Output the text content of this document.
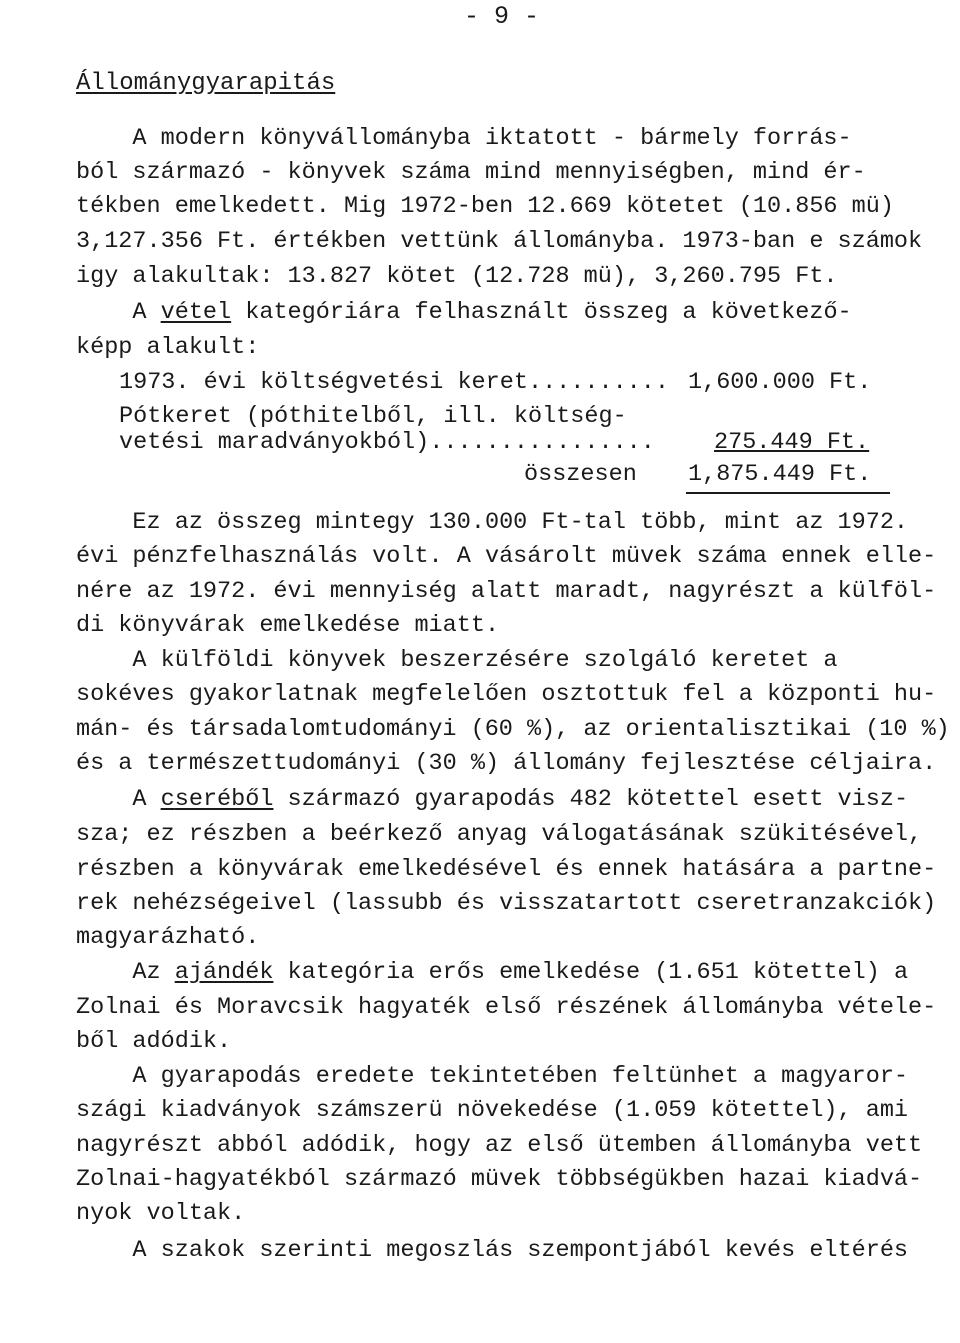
- 9 -
Állománygyarapitás
A modern könyvállományba iktatott - bármely forrás-
ból származó - könyvek száma mind mennyiségben, mind ér-
tékben emelkedett. Mig 1972-ben 12.669 kötetet (10.856 mü)
3,127.356 Ft. értékben vettünk állományba. 1973-ban e számok
igy alakultak: 13.827 kötet (12.728 mü), 3,260.795 Ft.
A vétel kategóriára felhasznált összeg a következő-
képp alakult:
1973. évi költségvetési keret.......... 1,600.000 Ft.
Pótkeret (póthitelből, ill. költség-
vetési maradványokból)................	275.449 Ft.
összesen 1,875.449 Ft.
Ez az összeg mintegy 130.000 Ft-tal több, mint az 1972.
évi pénzfelhasználás volt. A vásárolt müvek száma ennek elle-
nére az 1972. évi mennyiség alatt maradt, nagyrészt a külföl-
di könyvárak emelkedése miatt.
A külföldi könyvek beszerzésére szolgáló keretet a
sokéves gyakorlatnak megfelelően osztottuk fel a központi hu-
mán- és társadalomtudományi (60 %), az orientalisztikai (10 %)
és a természettudományi (30 %) állomány fejlesztése céljaira.
A cseréből származó gyarapodás 482 kötettel esett visz-
sza; ez részben a beérkező anyag válogatásának szükitésével,
részben a könyvárak emelkedésével és ennek hatására a partne-
rek nehézségeivel (lassubb és visszatartott cseretranzakciók)
magyarázható.
Az ajándék kategória erős emelkedése (1.651 kötettel) a
Zolnai és Moravcsik hagyaték első részének állományba vétele-
ből adódik.
A gyarapodás eredete tekintetében feltünhet a magyaror-
szági kiadványok számszerü növekedése (1.059 kötettel), ami
nagyrészt abból adódik, hogy az első ütemben állományba vett
Zolnai-hagyatékból származó müvek többségükben hazai kiadvá-
nyok voltak.
A szakok szerinti megoszlás szempontjából kevés eltérés
